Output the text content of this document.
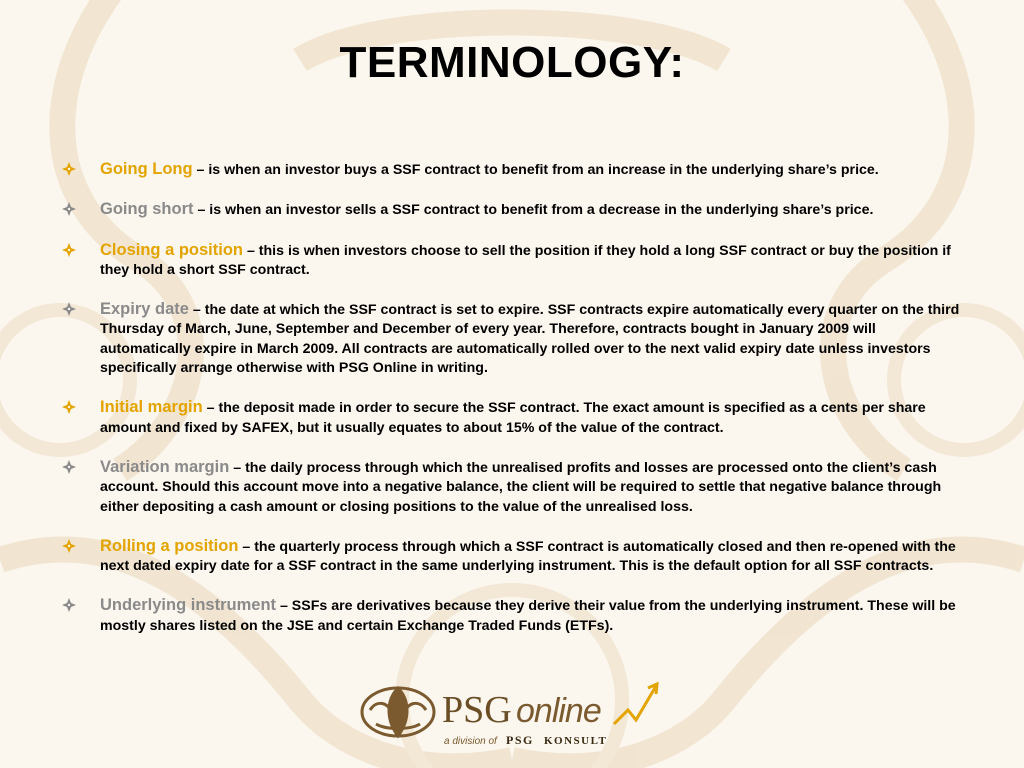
TERMINOLOGY:
Going Long – is when an investor buys a SSF contract to benefit from an increase in the underlying share’s price.
Going short – is when an investor sells a SSF contract to benefit from a decrease in the underlying share’s price.
Closing a position – this is when investors choose to sell the position if they hold a long SSF contract or buy the position if they hold a short SSF contract.
Expiry date – the date at which the SSF contract is set to expire. SSF contracts expire automatically every quarter on the third Thursday of March, June, September and December of every year. Therefore, contracts bought in January 2009 will automatically expire in March 2009. All contracts are automatically rolled over to the next valid expiry date unless investors specifically arrange otherwise with PSG Online in writing.
Initial margin – the deposit made in order to secure the SSF contract. The exact amount is specified as a cents per share amount and fixed by SAFEX, but it usually equates to about 15% of the value of the contract.
Variation margin – the daily process through which the unrealised profits and losses are processed onto the client’s cash account. Should this account move into a negative balance, the client will be required to settle that negative balance through either depositing a cash amount or closing positions to the value of the unrealised loss.
Rolling a position – the quarterly process through which a SSF contract is automatically closed and then re-opened with the next dated expiry date for a SSF contract in the same underlying instrument. This is the default option for all SSF contracts.
Underlying instrument – SSFs are derivatives because they derive their value from the underlying instrument. These will be mostly shares listed on the JSE and certain Exchange Traded Funds (ETFs).
PSG online
a division of PSG KONSULT
